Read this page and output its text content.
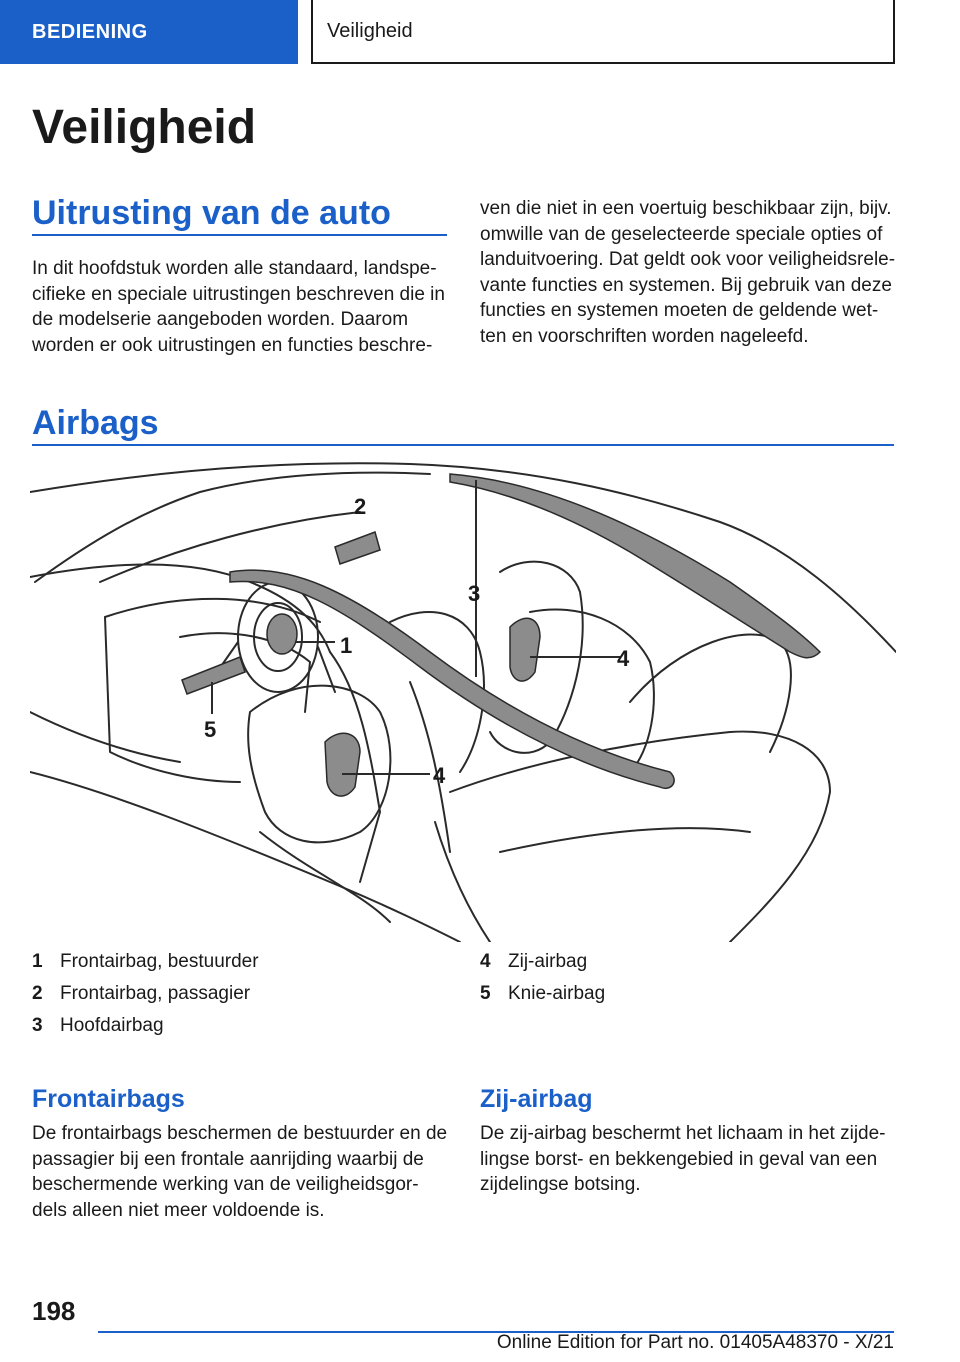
BEDIENING	Veiligheid
Veiligheid
Uitrusting van de auto
In dit hoofdstuk worden alle standaard, landspe-cifieke en speciale uitrustingen beschreven die in de modelserie aangeboden worden. Daarom worden er ook uitrustingen en functies beschre-
ven die niet in een voertuig beschikbaar zijn, bijv. omwille van de geselecteerde speciale opties of landuitvoering. Dat geldt ook voor veiligheidsrele-vante functies en systemen. Bij gebruik van deze functies en systemen moeten de geldende wet-ten en voorschriften worden nageleefd.
Airbags
1
2
3
4
4
5
1 Frontairbag, bestuurder
2 Frontairbag, passagier
3 Hoofdairbag
4 Zij-airbag
5 Knie-airbag
Frontairbags
De frontairbags beschermen de bestuurder en de passagier bij een frontale aanrijding waarbij de beschermende werking van de veiligheidsgor-dels alleen niet meer voldoende is.
Zij-airbag
De zij-airbag beschermt het lichaam in het zijde-lingse borst- en bekkengebied in geval van een zijdelingse botsing.
198
Online Edition for Part no. 01405A48370 - X/21
